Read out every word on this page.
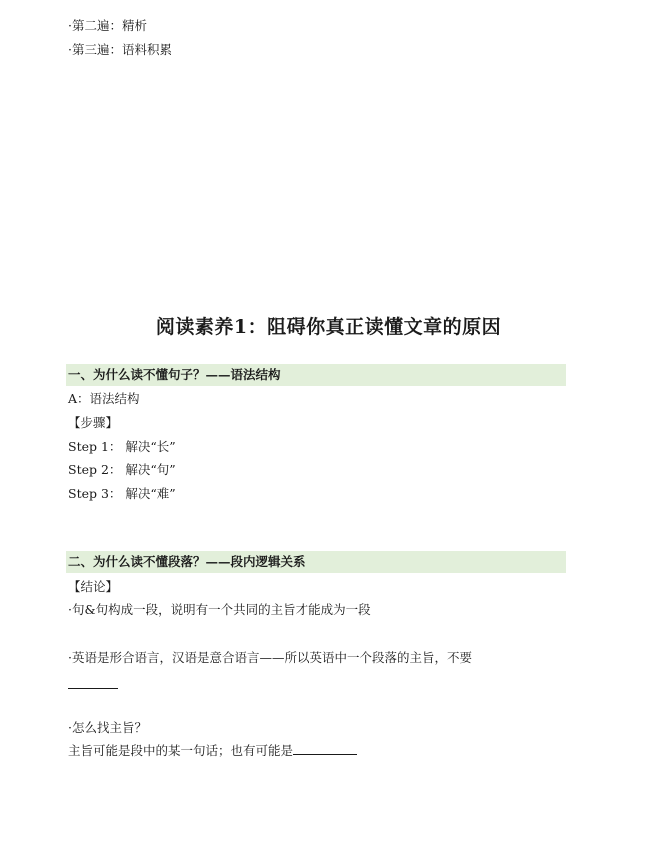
·第二遍：精析
·第三遍：语料积累
阅读素养1：阻碍你真正读懂文章的原因
一、为什么读不懂句子？——语法结构
A：语法结构
【步骤】
Step 1： 解决“长”
Step 2： 解决“句”
Step 3： 解决“难”
二、为什么读不懂段落？——段内逻辑关系
【结论】
·句&句构成一段，说明有一个共同的主旨才能成为一段
·英语是形合语言，汉语是意合语言——所以英语中一个段落的主旨，不要
·怎么找主旨？
主旨可能是段中的某一句话；也有可能是
